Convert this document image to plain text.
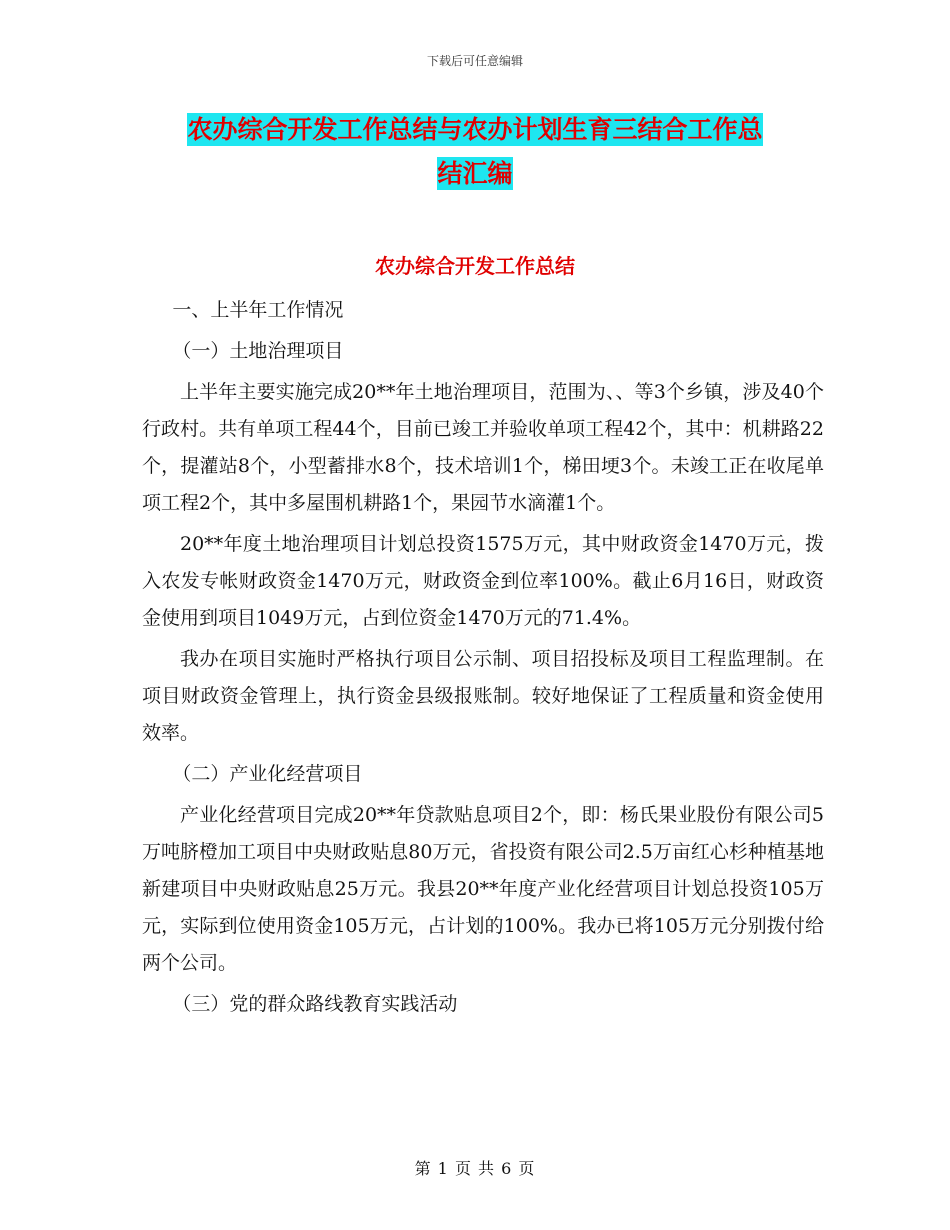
下载后可任意编辑
农办综合开发工作总结与农办计划生育三结合工作总
结汇编
农办综合开发工作总结

一、上半年工作情况

（一）土地治理项目

上半年主要实施完成20**年土地治理项目，范围为、、等3个乡镇，涉及40个行政村。共有单项工程44个，目前已竣工并验收单项工程42个，其中：机耕路22个，提灌站8个，小型蓄排水8个，技术培训1个，梯田埂3个。未竣工正在收尾单项工程2个，其中多屋围机耕路1个，果园节水滴灌1个。

20**年度土地治理项目计划总投资1575万元，其中财政资金1470万元，拨入农发专帐财政资金1470万元，财政资金到位率100%。截止6月16日，财政资金使用到项目1049万元，占到位资金1470万元的71.4%。

我办在项目实施时严格执行项目公示制、项目招投标及项目工程监理制。在项目财政资金管理上，执行资金县级报账制。较好地保证了工程质量和资金使用效率。

（二）产业化经营项目

产业化经营项目完成20**年贷款贴息项目2个，即：杨氏果业股份有限公司5万吨脐橙加工项目中央财政贴息80万元，省投资有限公司2.5万亩红心杉种植基地新建项目中央财政贴息25万元。我县20**年度产业化经营项目计划总投资105万元，实际到位使用资金105万元，占计划的100%。我办已将105万元分别拨付给两个公司。

（三）党的群众路线教育实践活动

第 1 页 共 6 页
